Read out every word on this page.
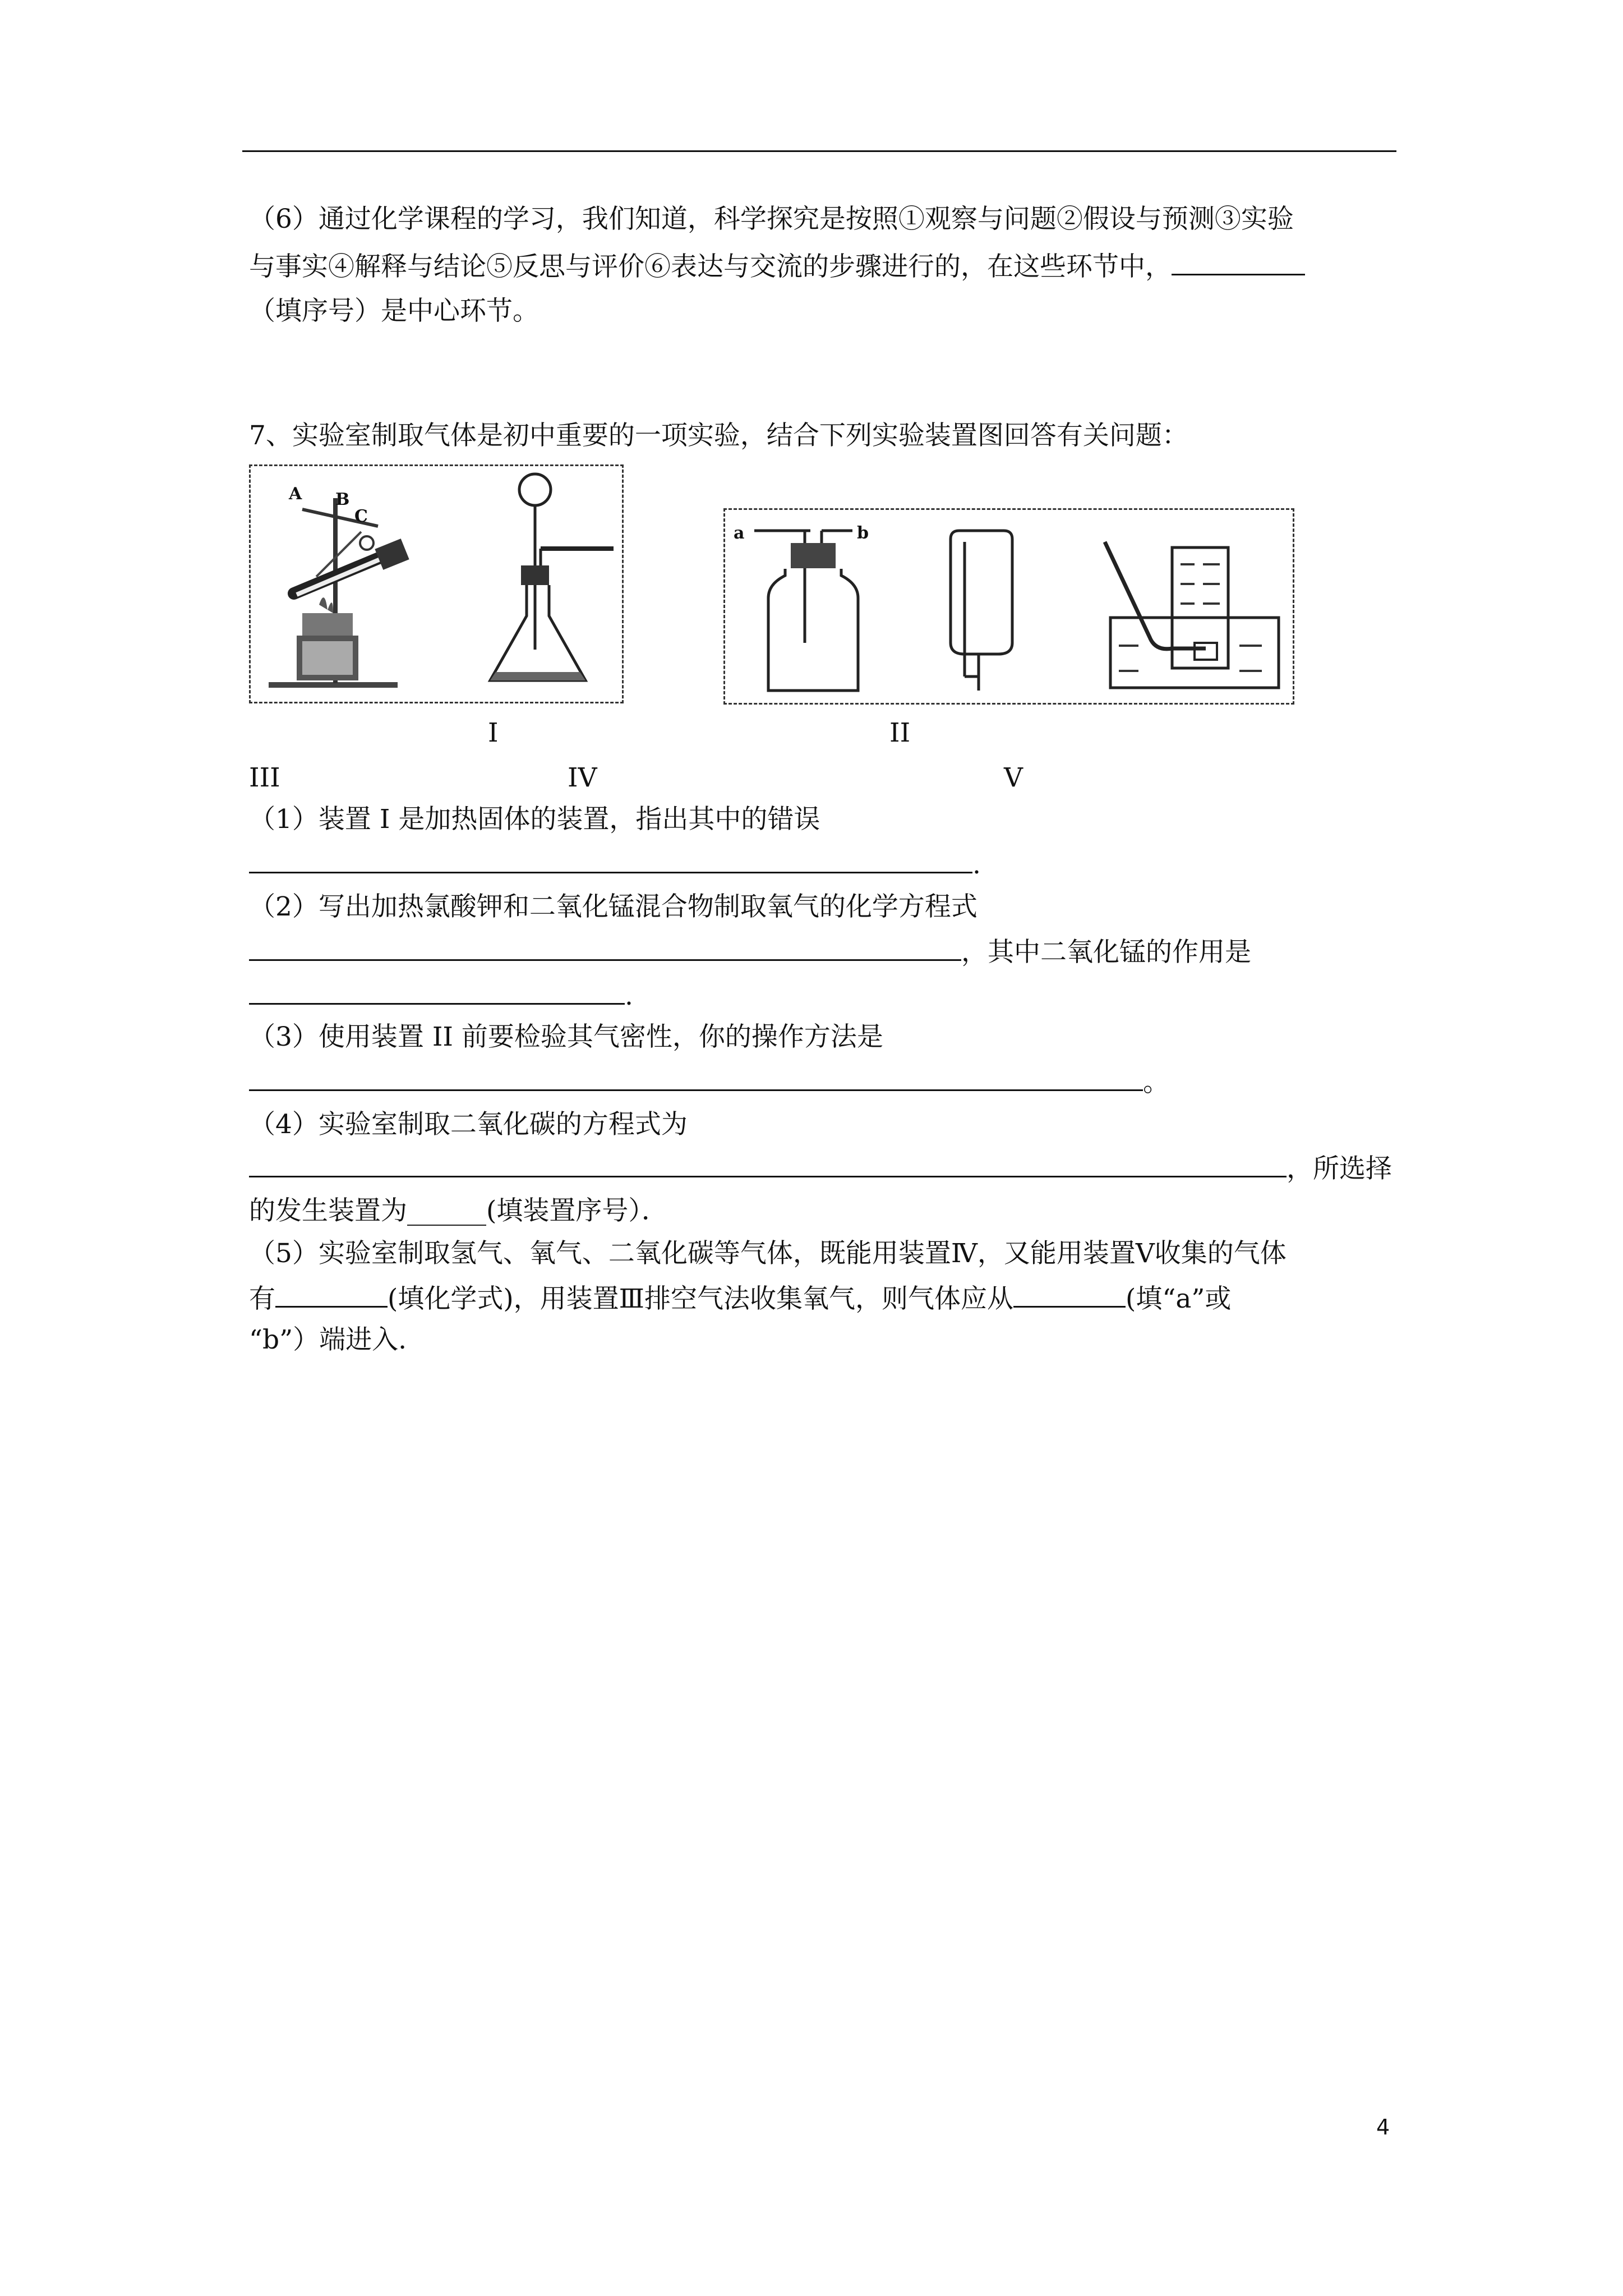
（6）通过化学课程的学习，我们知道，科学探究是按照①观察与问题②假设与预测③实验
与事实④解释与结论⑤反思与评价⑥表达与交流的步骤进行的，在这些环节中，
（填序号）是中心环节。
7、实验室制取气体是初中重要的一项实验，结合下列实验装置图回答有关问题：
A B
C
a	b
I	II
III	IV	V
（1）装置 I 是加热固体的装置，指出其中的错误
.
（2）写出加热氯酸钾和二氧化锰混合物制取氧气的化学方程式
，其中二氧化锰的作用是
.
（3）使用装置 II 前要检验其气密性，你的操作方法是
。
（4）实验室制取二氧化碳的方程式为
，所选择
的发生装置为______(填装置序号）．
（5）实验室制取氢气、氧气、二氧化碳等气体，既能用装置Ⅳ，又能用装置Ⅴ收集的气体
有	(填化学式)，用装置Ⅲ排空气法收集氧气，则气体应从	(填“a”或
“b”）端进入.
4
